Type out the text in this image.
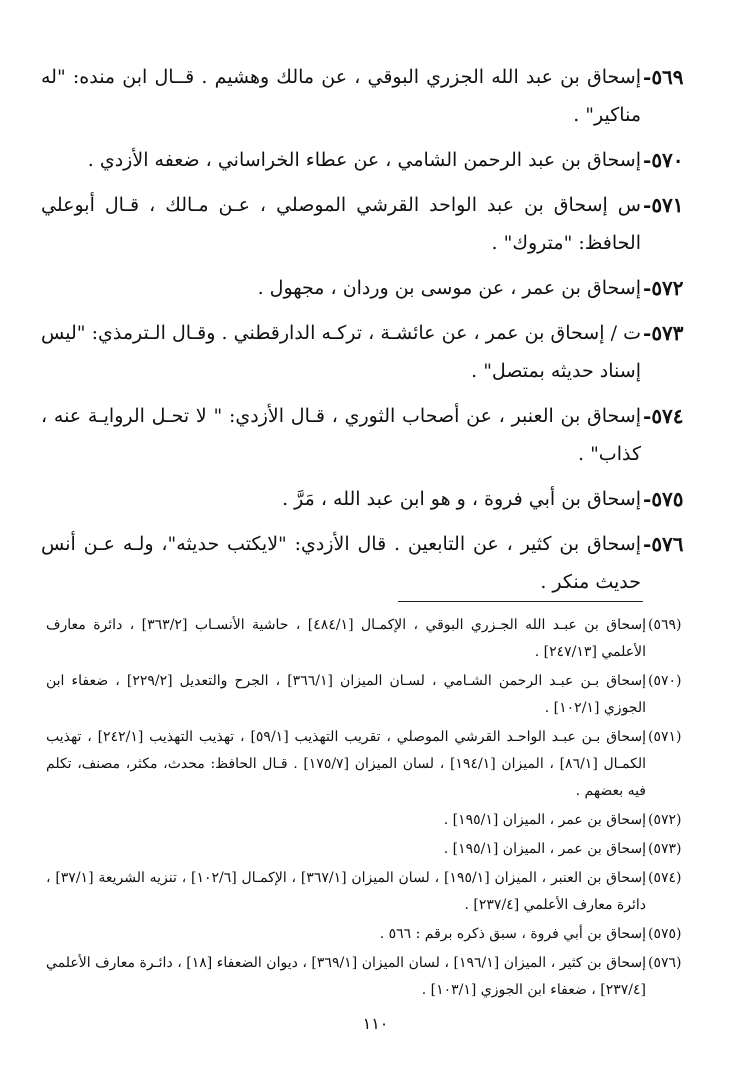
٥٦٩-
إسحاق بن عبد الله الجزري البوقي ، عن مالك وهشيم . قــال ابن منده: "له مناكير" .
٥٧٠-
إسحاق بن عبد الرحمن الشامي ، عن عطاء الخراساني ، ضعفه الأزدي .
٥٧١-
س إسحاق بن عبد الواحد القرشي الموصلي ، عـن مـالك ، قـال أبوعلي الحافظ: "متروك" .
٥٧٢-
إسحاق بن عمر ، عن موسى بن وردان ، مجهول .
٥٧٣-
ت / إسحاق بن عمر ، عن عائشـة ، تركـه الدارقطني . وقـال الـترمذي: "ليس إسناد حديثه بمتصل" .
٥٧٤-
إسحاق بن العنبر ، عن أصحاب الثوري ، قـال الأزدي: " لا تحـل الروايـة عنه ، كذاب" .
٥٧٥-
إسحاق بن أبي فروة ، و هو ابن عبد الله ، مَرَّ .
٥٧٦-
إسحاق بن كثير ، عن التابعين . قال الأزدي: "لايكتب حديثه"، ولـه عـن أنس حديث منكر .
(٥٦٩)
إسحاق بن عبـد الله الجـزري البوقي ، الإكمـال [٤٨٤/١] ، حاشية الأنسـاب [٣٦٣/٢] ، دائرة معارف الأعلمي [٢٤٧/١٣] .
(٥٧٠)
إسحاق بـن عبـد الرحمن الشـامي ، لسـان الميزان [٣٦٦/١] ، الجرح والتعديل [٢٢٩/٢] ، ضعفاء ابن الجوزي [١٠٢/١] .
(٥٧١)
إسحاق بـن عبـد الواحـد القرشي الموصلي ، تقريب التهذيب [٥٩/١] ، تهذيب التهذيب [٢٤٢/١] ، تهذيب الكمـال [٨٦/١] ، الميزان [١٩٤/١] ، لسان الميزان [١٧٥/٧] . قـال الحافظ: محدث، مكثر، مصنف، تكلم فيه بعضهم .
(٥٧٢)
إسحاق بن عمر ، الميزان [١٩٥/١] .
(٥٧٣)
إسحاق بن عمر ، الميزان [١٩٥/١] .
(٥٧٤)
إسحاق بن العنبر ، الميزان [١٩٥/١] ، لسان الميزان [٣٦٧/١] ، الإكمـال [١٠٢/٦] ، تنزيه الشريعة [٣٧/١] ، دائرة معارف الأعلمي [٢٣٧/٤] .
(٥٧٥)
إسحاق بن أبي فروة ، سبق ذكره برقم : ٥٦٦ .
(٥٧٦)
إسحاق بن كثير ، الميزان [١٩٦/١] ، لسان الميزان [٣٦٩/١] ، ديوان الضعفاء [١٨] ، دائـرة معارف الأعلمي [٢٣٧/٤] ، ضعفاء ابن الجوزي [١٠٣/١] .
١١٠
